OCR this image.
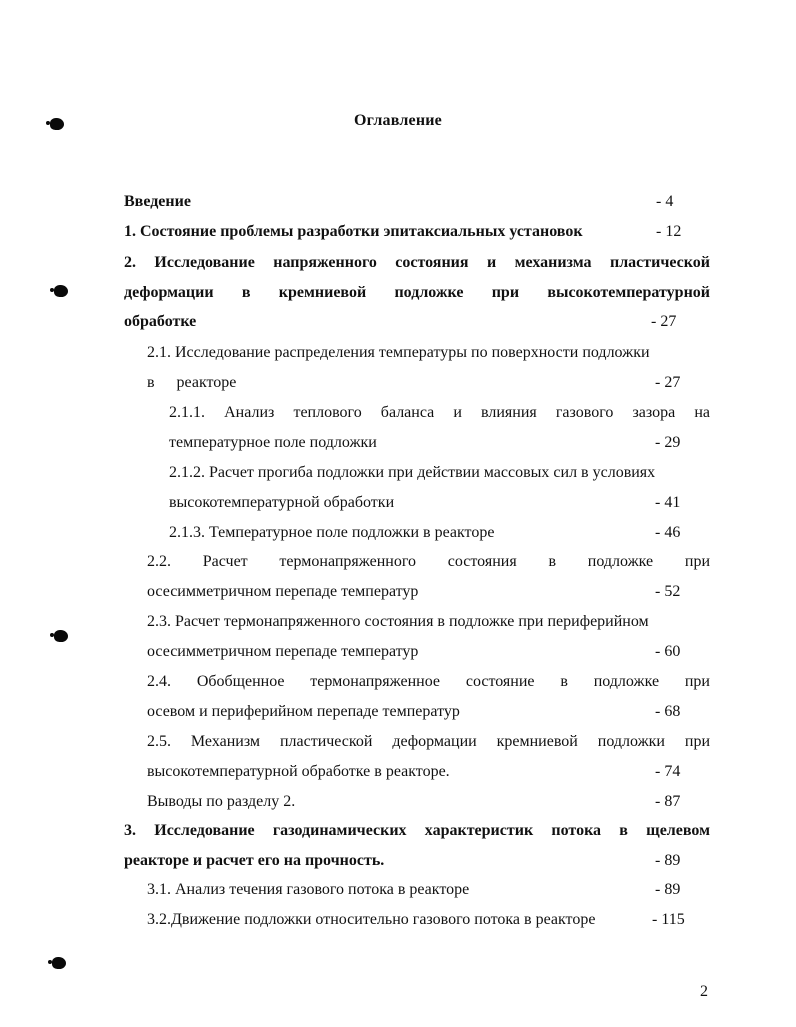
Оглавление
Введение	- 4
1. Состояние проблемы разработки эпитаксиальных установок	- 12
2. Исследование напряженного состояния и механизма пластической
деформации в кремниевой подложке при высокотемпературной
обработке	- 27
2.1. Исследование распределения температуры по поверхности подложки
в реакторе	- 27
2.1.1. Анализ теплового баланса и влияния газового зазора на
температурное поле подложки	- 29
2.1.2. Расчет прогиба подложки при действии массовых сил в условиях
высокотемпературной обработки	- 41
2.1.3. Температурное поле подложки в реакторе	- 46
2.2. Расчет термонапряженного состояния в подложке при
осесимметричном перепаде температур	- 52
2.3. Расчет термонапряженного состояния в подложке при периферийном
осесимметричном перепаде температур	- 60
2.4. Обобщенное термонапряженное состояние в подложке при
осевом и периферийном перепаде температур	- 68
2.5. Механизм пластической деформации кремниевой подложки при
высокотемпературной обработке в реакторе.	- 74
Выводы по разделу 2.	- 87
3. Исследование газодинамических характеристик потока в щелевом
реакторе и расчет его на прочность.	- 89
3.1. Анализ течения газового потока в реакторе	- 89
3.2.Движение подложки относительно газового потока в реакторе	- 115
2
